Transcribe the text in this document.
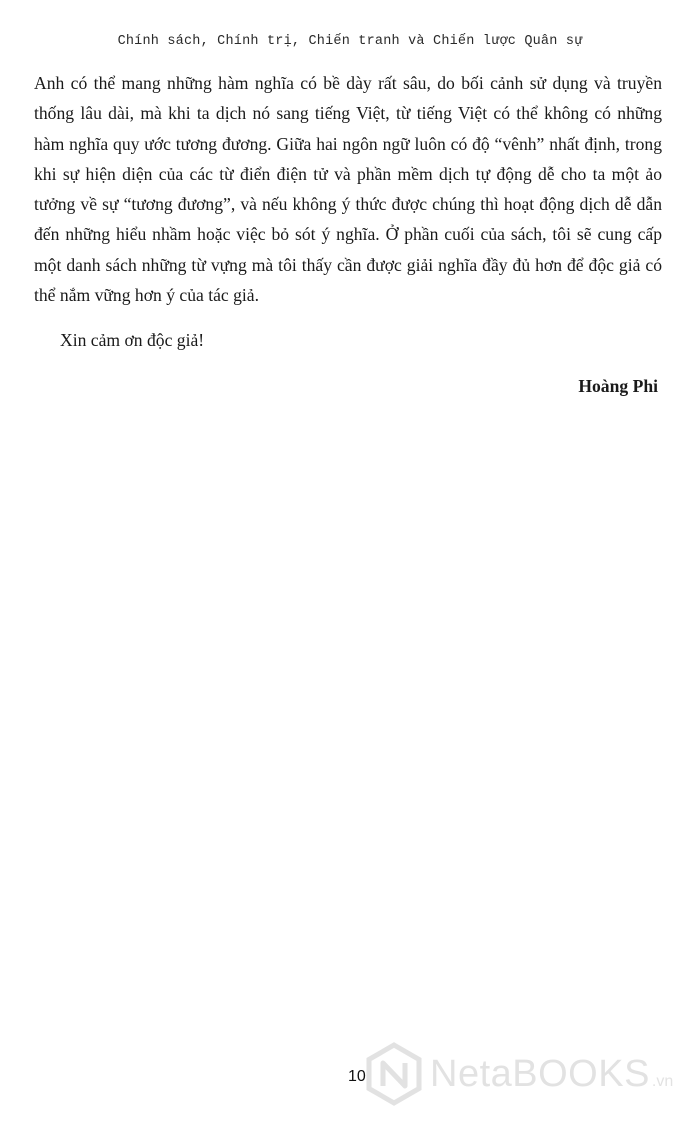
Chính sách, Chính trị, Chiến tranh và Chiến lược Quân sự

Anh có thể mang những hàm nghĩa có bề dày rất sâu, do bối cảnh sử dụng và truyền thống lâu dài, mà khi ta dịch nó sang tiếng Việt, từ tiếng Việt có thể không có những hàm nghĩa quy ước tương đương. Giữa hai ngôn ngữ luôn có độ “vênh” nhất định, trong khi sự hiện diện của các từ điển điện tử và phần mềm dịch tự động dễ cho ta một ảo tưởng về sự “tương đương”, và nếu không ý thức được chúng thì hoạt động dịch dễ dẫn đến những hiểu nhầm hoặc việc bỏ sót ý nghĩa. Ở phần cuối của sách, tôi sẽ cung cấp một danh sách những từ vựng mà tôi thấy cần được giải nghĩa đầy đủ hơn để độc giả có thể nắm vững hơn ý của tác giả.

Xin cảm ơn độc giả!

Hoàng Phi

10 NetaBOOKS .vn
